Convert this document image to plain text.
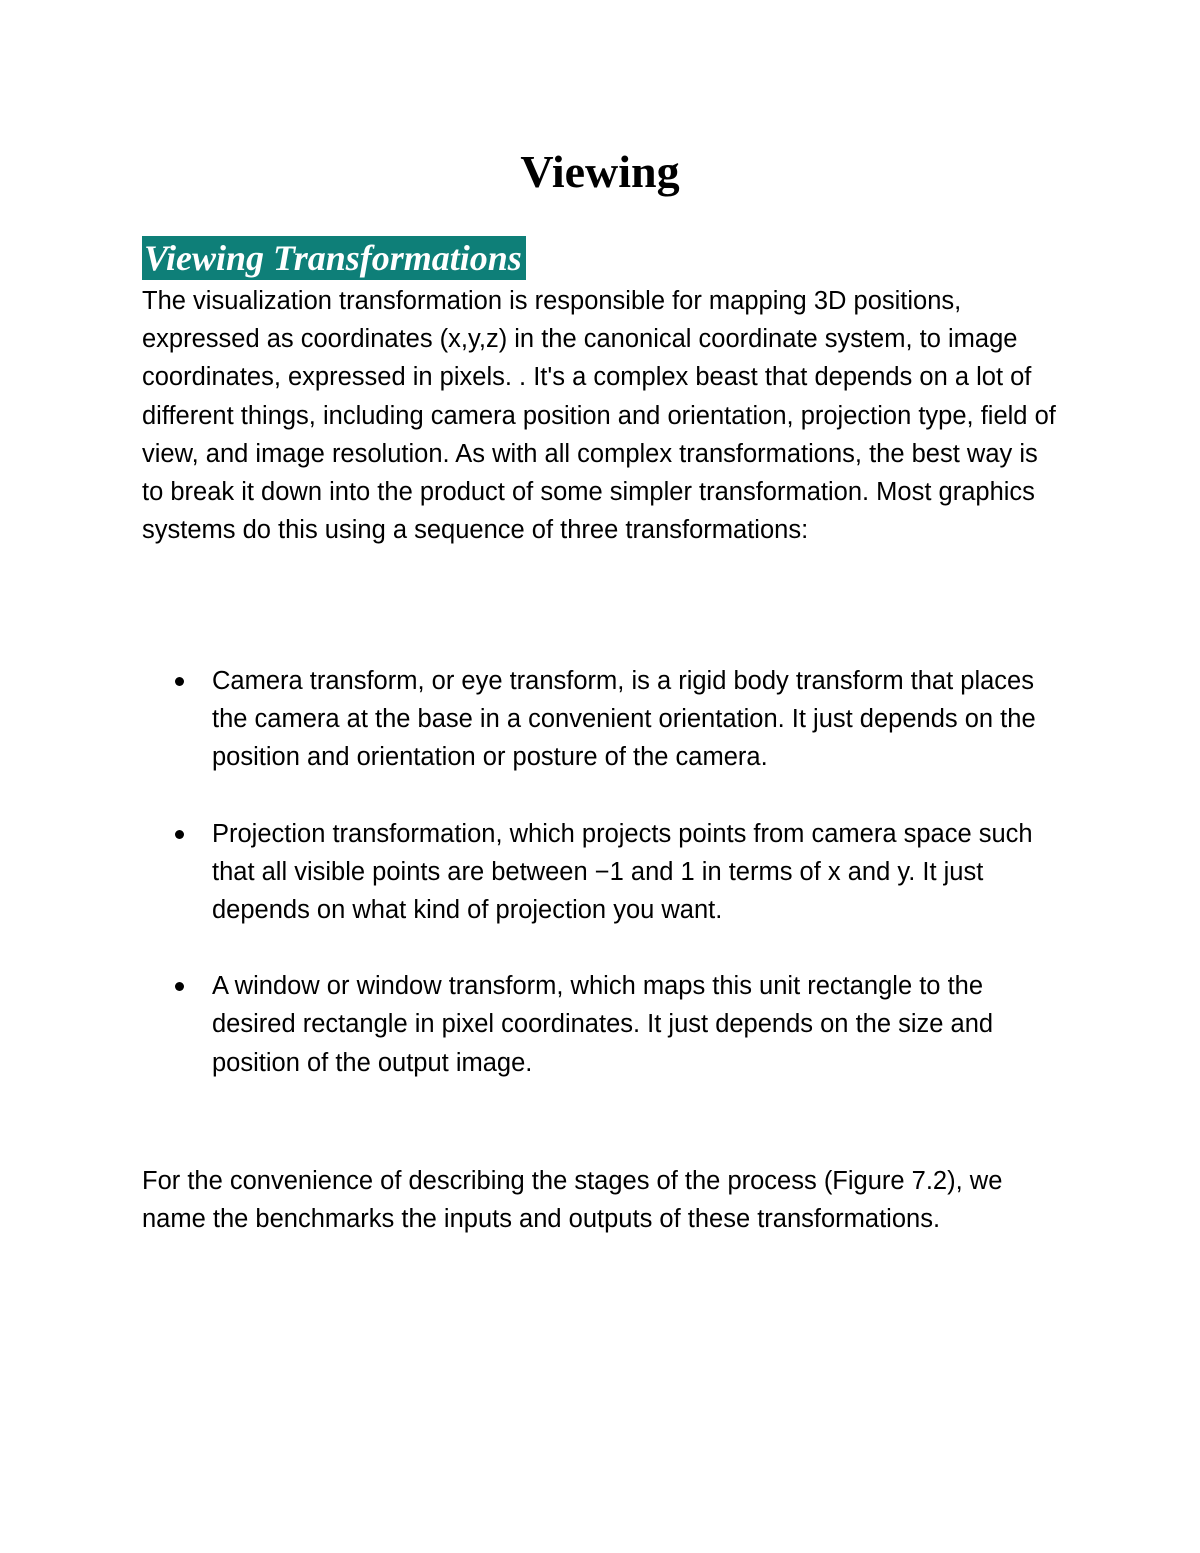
Viewing
Viewing Transformations

The visualization transformation is responsible for mapping 3D positions, expressed as coordinates (x,y,z) in the canonical coordinate system, to image coordinates, expressed in pixels. . It's a complex beast that depends on a lot of different things, including camera position and orientation, projection type, field of view, and image resolution. As with all complex transformations, the best way is to break it down into the product of some simpler transformation. Most graphics systems do this using a sequence of three transformations:

Camera transform, or eye transform, is a rigid body transform that places the camera at the base in a convenient orientation. It just depends on the position and orientation or posture of the camera.
Projection transformation, which projects points from camera space such that all visible points are between −1 and 1 in terms of x and y. It just depends on what kind of projection you want.
A window or window transform, which maps this unit rectangle to the desired rectangle in pixel coordinates. It just depends on the size and position of the output image.

For the convenience of describing the stages of the process (Figure 7.2), we name the benchmarks the inputs and outputs of these transformations.
